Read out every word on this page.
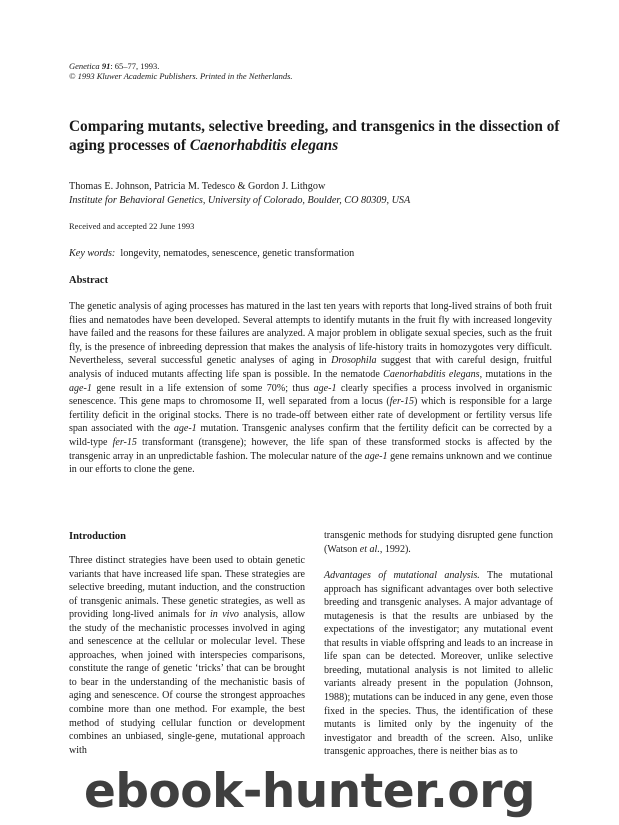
Genetica 91: 65–77, 1993.
© 1993 Kluwer Academic Publishers. Printed in the Netherlands.
Comparing mutants, selective breeding, and transgenics in the dissection of aging processes of Caenorhabditis elegans
Thomas E. Johnson, Patricia M. Tedesco & Gordon J. Lithgow
Institute for Behavioral Genetics, University of Colorado, Boulder, CO 80309, USA
Received and accepted 22 June 1993
Key words: longevity, nematodes, senescence, genetic transformation
Abstract
The genetic analysis of aging processes has matured in the last ten years with reports that long-lived strains of both fruit flies and nematodes have been developed. Several attempts to identify mutants in the fruit fly with increased longevity have failed and the reasons for these failures are analyzed. A major problem in obligate sexual species, such as the fruit fly, is the presence of inbreeding depression that makes the analysis of life-history traits in homozygotes very difficult. Nevertheless, several successful genetic analyses of aging in Drosophila suggest that with careful design, fruitful analysis of induced mutants affecting life span is possible. In the nematode Caenorhabditis elegans, mutations in the age-1 gene result in a life extension of some 70%; thus age-1 clearly specifies a process involved in organismic senescence. This gene maps to chromosome II, well separated from a locus (fer-15) which is responsible for a large fertility deficit in the original stocks. There is no trade-off between either rate of development or fertility versus life span associated with the age-1 mutation. Transgenic analyses confirm that the fertility deficit can be corrected by a wild-type fer-15 transformant (transgene); however, the life span of these transformed stocks is affected by the transgenic array in an unpredictable fashion. The molecular nature of the age-1 gene remains unknown and we continue in our efforts to clone the gene.
Introduction
Three distinct strategies have been used to obtain genetic variants that have increased life span. These strategies are selective breeding, mutant induction, and the construction of transgenic animals. These genetic strategies, as well as providing long-lived animals for in vivo analysis, allow the study of the mechanistic processes involved in aging and senescence at the cellular or molecular level. These approaches, when joined with interspecies comparisons, constitute the range of genetic ‘tricks’ that can be brought to bear in the understanding of the mechanistic basis of aging and senescence. Of course the strongest approaches combine more than one method. For example, the best method of studying cellular function or development combines an unbiased, single-gene, mutational approach with

transgenic methods for studying disrupted gene function (Watson et al., 1992).

Advantages of mutational analysis. The mutational approach has significant advantages over both selective breeding and transgenic analyses. A major advantage of mutagenesis is that the results are unbiased by the expectations of the investigator; any mutational event that results in viable offspring and leads to an increase in life span can be detected. Moreover, unlike selective breeding, mutational analysis is not limited to allelic variants already present in the population (Johnson, 1988); mutations can be induced in any gene, even those fixed in the species. Thus, the identification of these mutants is limited only by the ingenuity of the investigator and breadth of the screen. Also, unlike transgenic approaches, there is neither bias as to

ebook-hunter.org
